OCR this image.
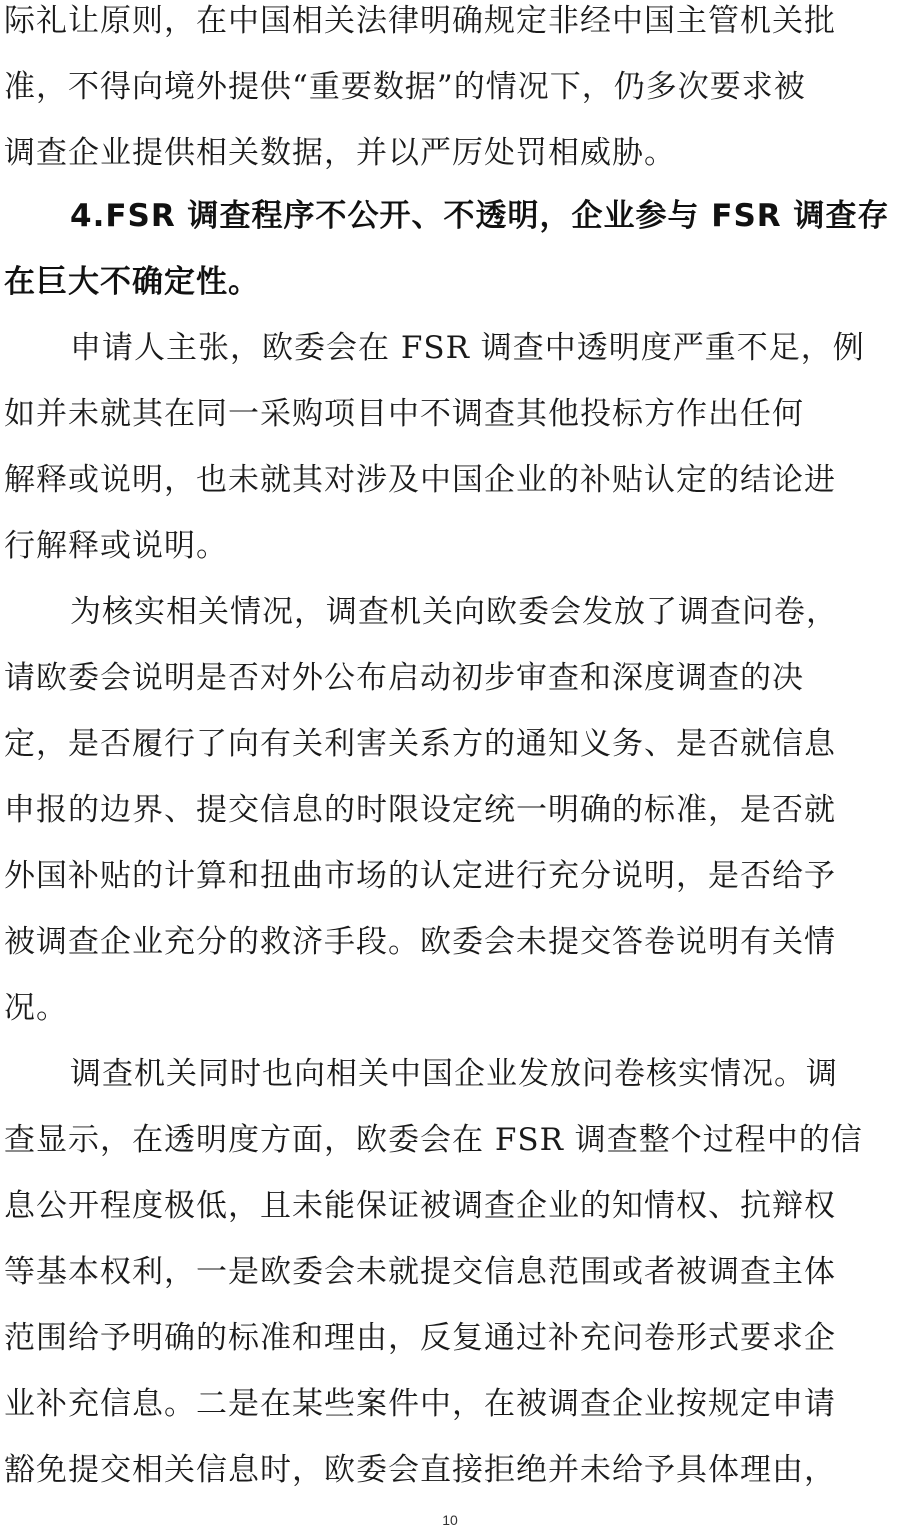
际礼让原则，在中国相关法律明确规定非经中国主管机关批
准，不得向境外提供“重要数据”的情况下，仍多次要求被
调查企业提供相关数据，并以严厉处罚相威胁。
4.FSR 调查程序不公开、不透明，企业参与 FSR 调查存
在巨大不确定性。
申请人主张，欧委会在 FSR 调查中透明度严重不足，例
如并未就其在同一采购项目中不调查其他投标方作出任何
解释或说明，也未就其对涉及中国企业的补贴认定的结论进
行解释或说明。
为核实相关情况，调查机关向欧委会发放了调查问卷，
请欧委会说明是否对外公布启动初步审查和深度调查的决
定，是否履行了向有关利害关系方的通知义务、是否就信息
申报的边界、提交信息的时限设定统一明确的标准，是否就
外国补贴的计算和扭曲市场的认定进行充分说明，是否给予
被调查企业充分的救济手段。欧委会未提交答卷说明有关情
况。
调查机关同时也向相关中国企业发放问卷核实情况。调
查显示，在透明度方面，欧委会在 FSR 调查整个过程中的信
息公开程度极低，且未能保证被调查企业的知情权、抗辩权
等基本权利，一是欧委会未就提交信息范围或者被调查主体
范围给予明确的标准和理由，反复通过补充问卷形式要求企
业补充信息。二是在某些案件中，在被调查企业按规定申请
豁免提交相关信息时，欧委会直接拒绝并未给予具体理由，
10
